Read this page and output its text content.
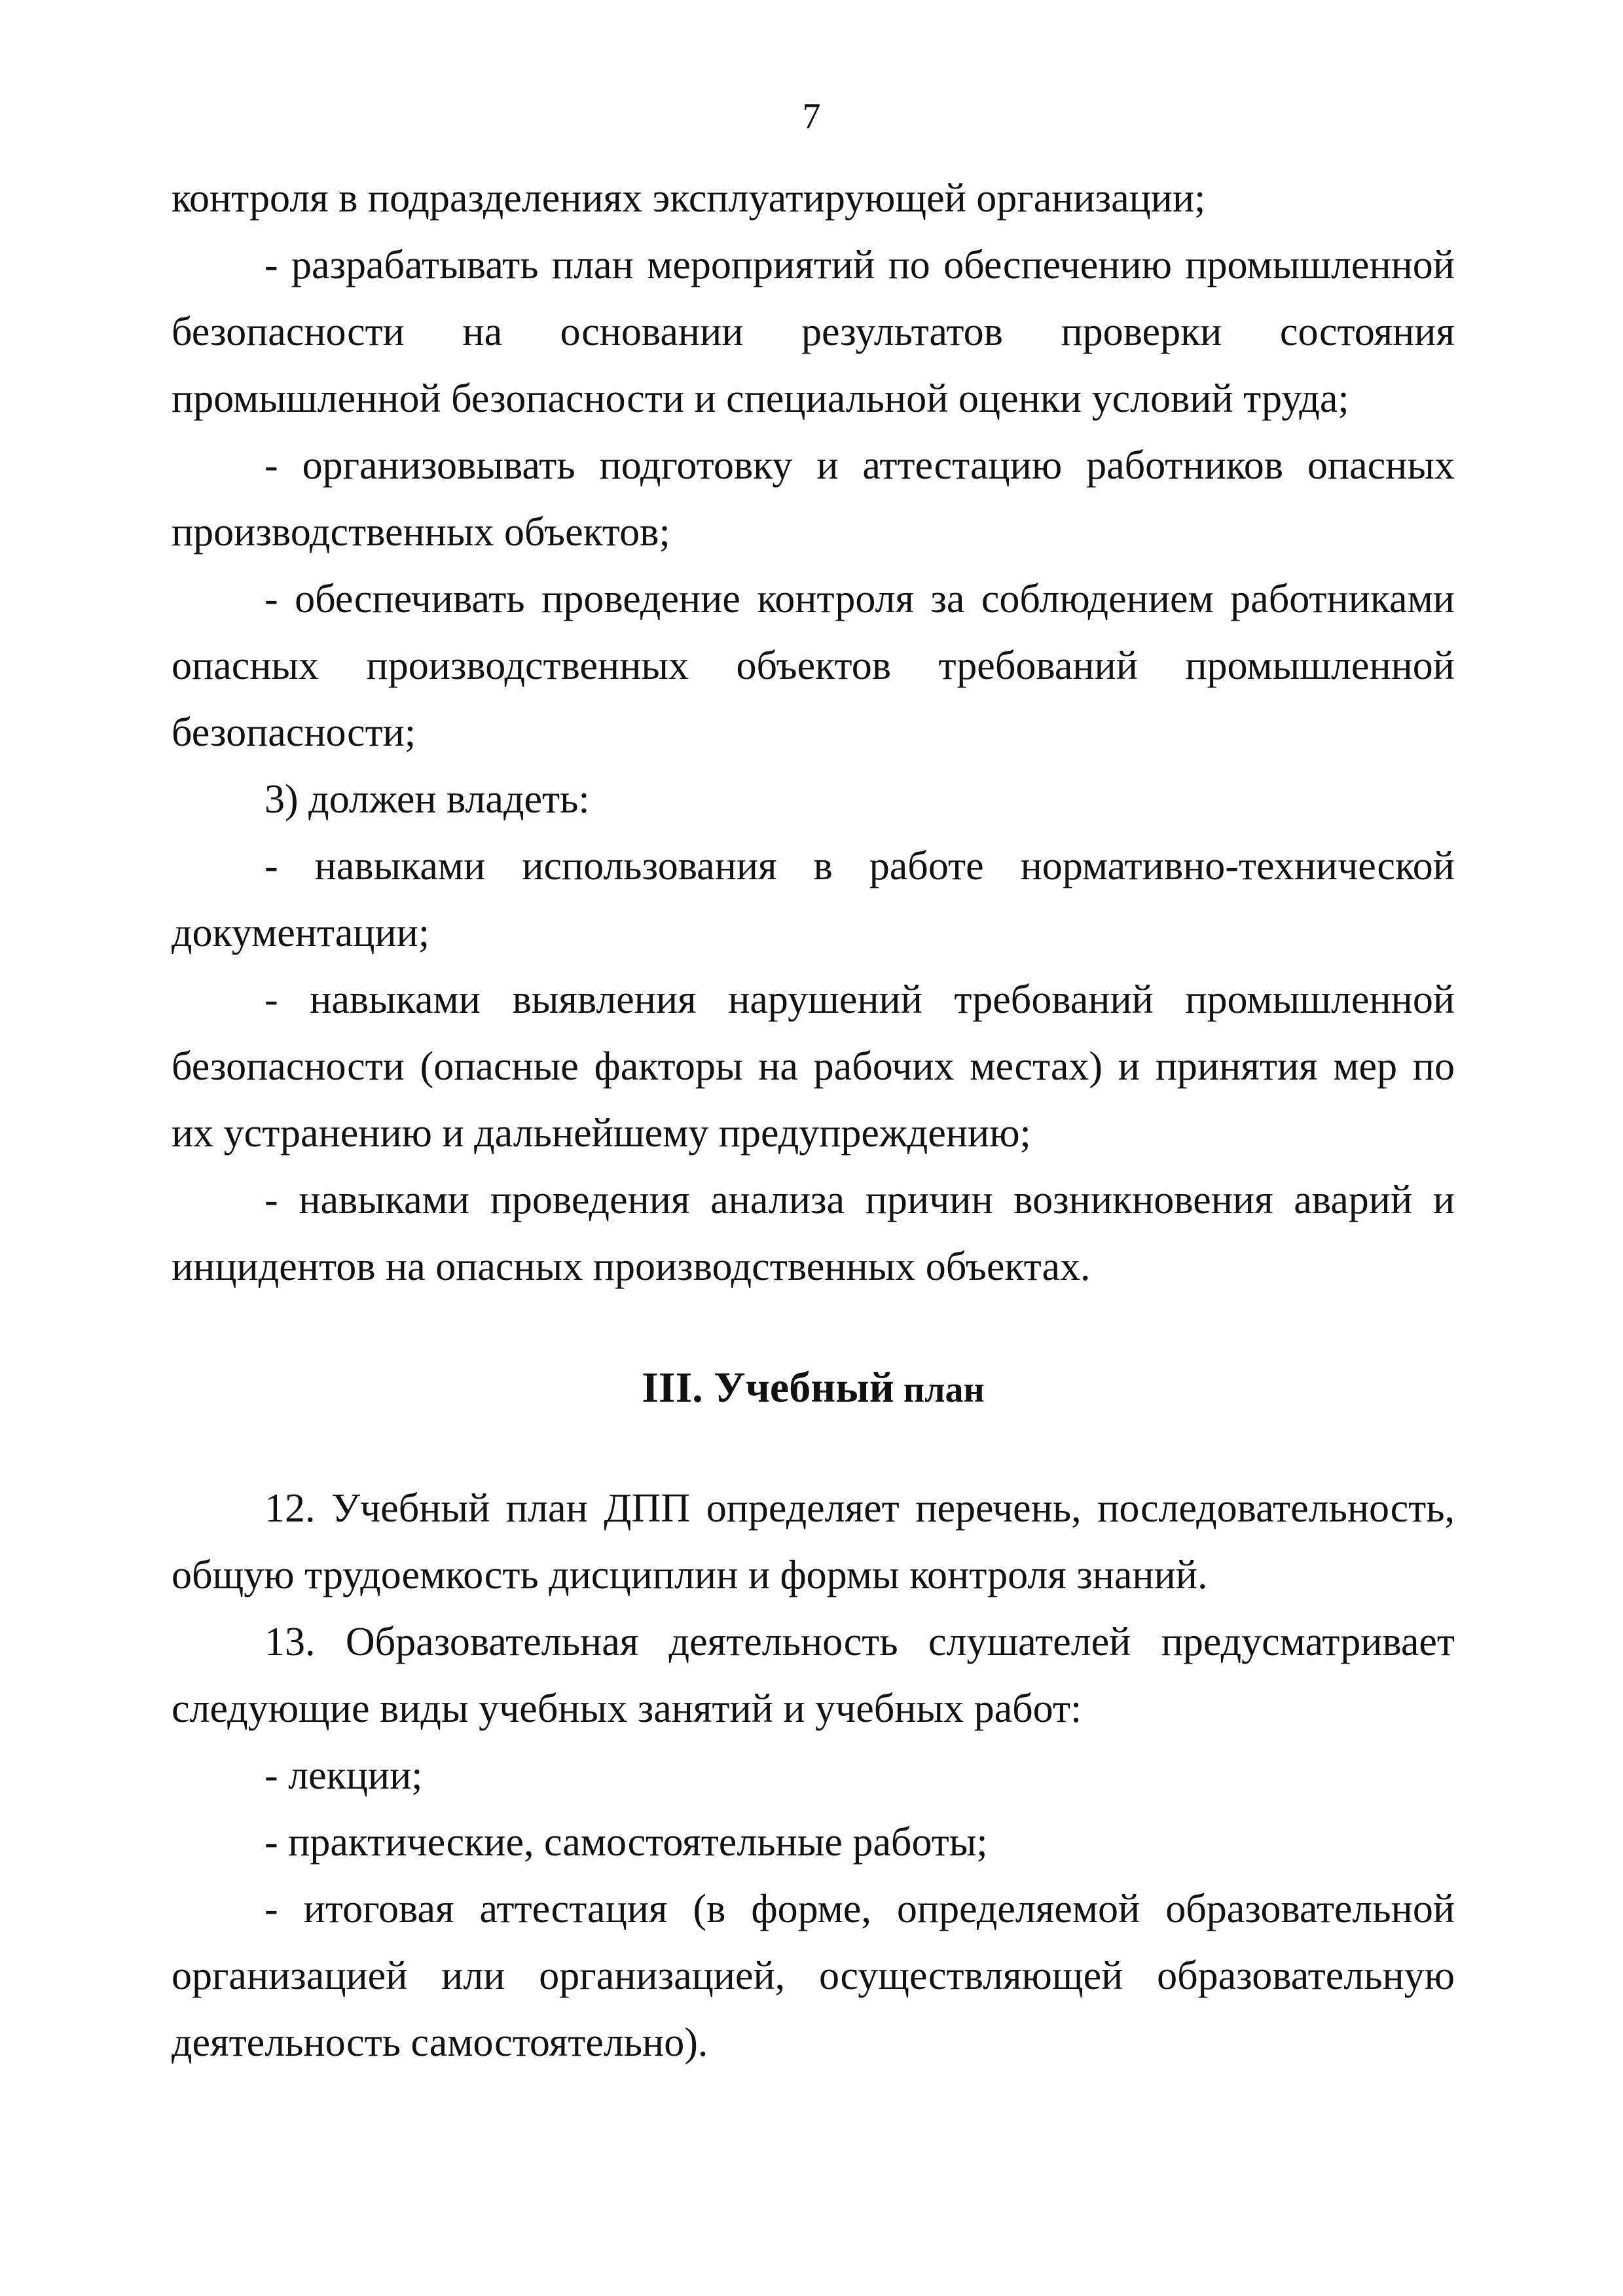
7

контроля в подразделениях эксплуатирующей организации;

- разрабатывать план мероприятий по обеспечению промышленной безопасности на основании результатов проверки состояния промышленной безопасности и специальной оценки условий труда;

- организовывать подготовку и аттестацию работников опасных производственных объектов;

- обеспечивать проведение контроля за соблюдением работниками опасных производственных объектов требований промышленной безопасности;

3) должен владеть:

- навыками использования в работе нормативно-технической документации;

- навыками выявления нарушений требований промышленной безопасности (опасные факторы на рабочих местах) и принятия мер по их устранению и дальнейшему предупреждению;

- навыками проведения анализа причин возникновения аварий и инцидентов на опасных производственных объектах.

III. Учебный план

12. Учебный план ДПП определяет перечень, последовательность, общую трудоемкость дисциплин и формы контроля знаний.

13. Образовательная деятельность слушателей предусматривает следующие виды учебных занятий и учебных работ:

- лекции;

- практические, самостоятельные работы;

- итоговая аттестация (в форме, определяемой образовательной организацией или организацией, осуществляющей образовательную деятельность самостоятельно).
